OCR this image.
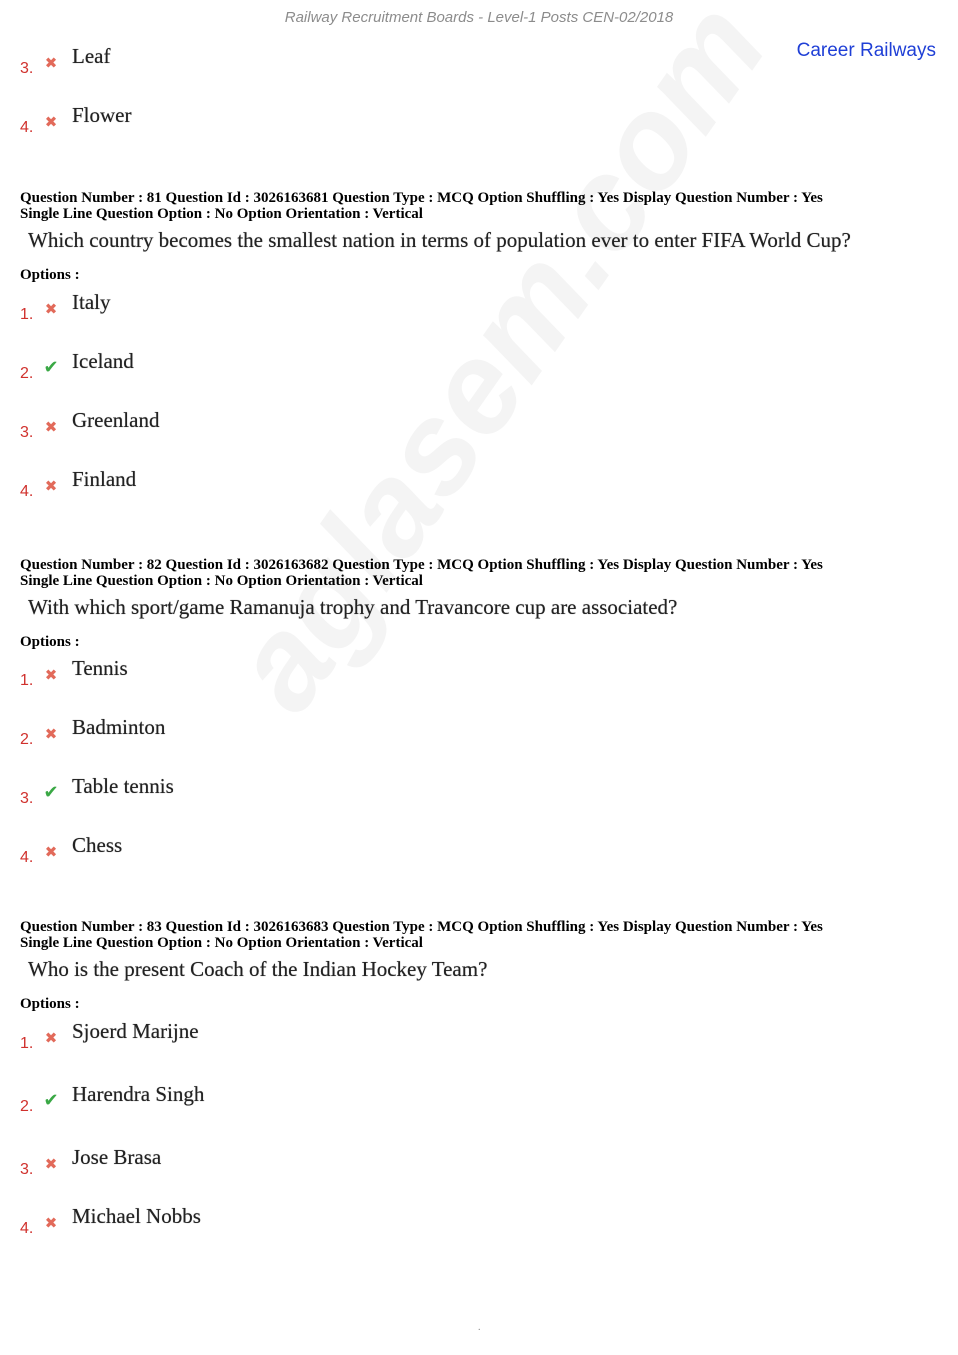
Railway Recruitment Boards - Level-1 Posts CEN-02/2018
Career Railways
3. ✖ Leaf
4. ✖ Flower
Question Number : 81 Question Id : 3026163681 Question Type : MCQ Option Shuffling : Yes Display Question Number : Yes
Single Line Question Option : No Option Orientation : Vertical
Which country becomes the smallest nation in terms of population ever to enter FIFA World Cup?
Options :
1. ✖ Italy
2. ✔ Iceland
3. ✖ Greenland
4. ✖ Finland
Question Number : 82 Question Id : 3026163682 Question Type : MCQ Option Shuffling : Yes Display Question Number : Yes
Single Line Question Option : No Option Orientation : Vertical
With which sport/game Ramanuja trophy and Travancore cup are associated?
Options :
1. ✖ Tennis
2. ✖ Badminton
3. ✔ Table tennis
4. ✖ Chess
Question Number : 83 Question Id : 3026163683 Question Type : MCQ Option Shuffling : Yes Display Question Number : Yes
Single Line Question Option : No Option Orientation : Vertical
Who is the present Coach of the Indian Hockey Team?
Options :
1. ✖ Sjoerd Marijne
2. ✔ Harendra Singh
3. ✖ Jose Brasa
4. ✖ Michael Nobbs
.
